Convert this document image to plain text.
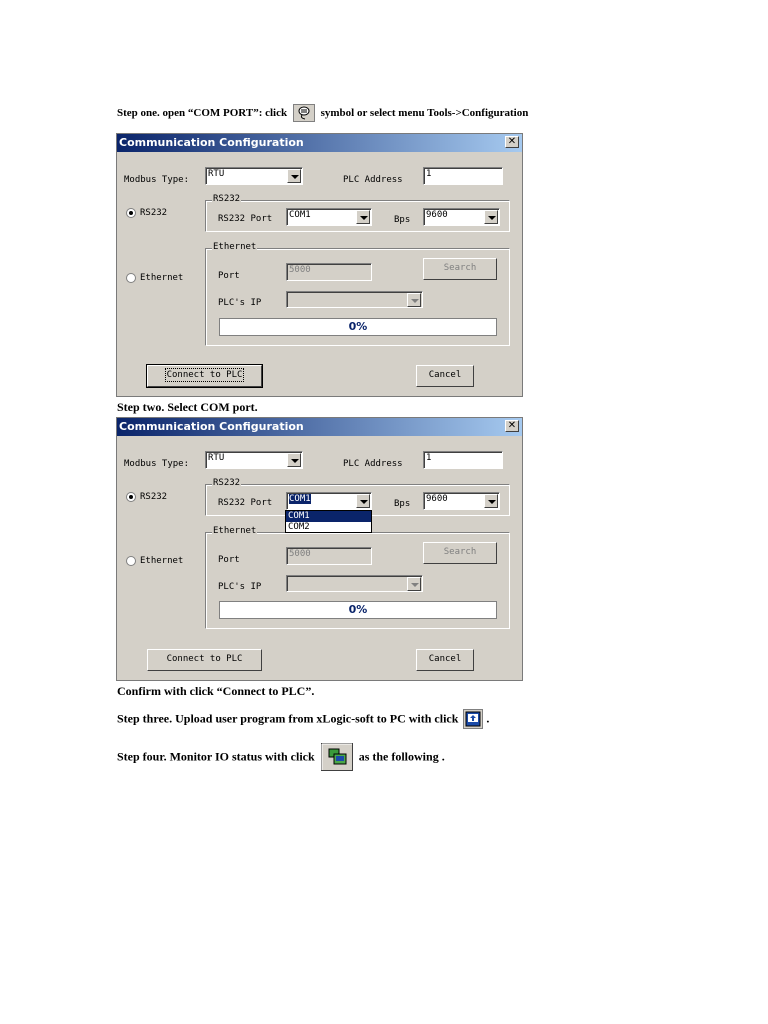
Step one. open “COM PORT”: click	symbol or select menu Tools->Configuration
Communication Configuration	✕
Modbus Type:
RTU
PLC Address
1
RS232
RS232
RS232 Port	COM1	Bps	9600
Ethernet
Ethernet
Port
5000	Search
PLC's IP
0%
Connect to PLC	Cancel
Step two. Select COM port.
Communication Configuration	✕
Modbus Type:
RTU
PLC Address
1
RS232
RS232
RS232 Port	COM1	Bps	9600
Ethernet
Ethernet
Port
5000	Search
PLC's IP
0%
COM1
COM2
Connect to PLC	Cancel
Confirm with click “Connect to PLC”.
Step three. Upload user program from xLogic-soft to PC with click .
Step four. Monitor IO status with click	as the following .
